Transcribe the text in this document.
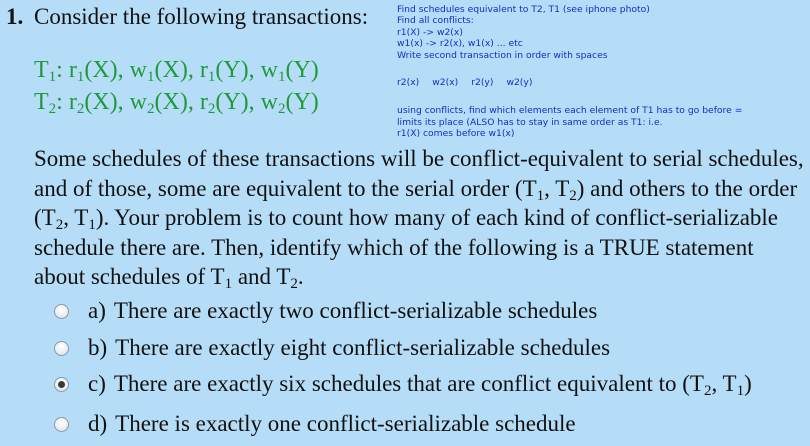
1. Consider the following transactions:
$T_1$: $r_1(X)$, $w_1(X)$, $r_1(Y)$, $w_1(Y)$
$T_2$: $r_2(X)$, $w_2(X)$, $r_2(Y)$, $w_2(Y)$
Find schedules equivalent to T2, T1 (see iphone photo)
Find all conflicts:
r1(X) -> w2(x)
w1(x) -> r2(x), w1(x) ... etc
Write second transaction in order with spaces
r2(x) w2(x) r2(y) w2(y)
using conflicts, find which elements each element of T1 has to go before =
limits its place (ALSO has to stay in same order as T1: i.e.
r1(X) comes before w1(x)
Some schedules of these transactions will be conflict-equivalent to serial schedules, and of those, some are equivalent to the serial order ($T_1$, $T_2$) and others to the order ($T_2$, $T_1$). Your problem is to count how many of each kind of conflict-serializable schedule there are. Then, identify which of the following is a TRUE statement about schedules of $T_1$ and $T_2$.
a) There are exactly two conflict-serializable schedules
b) There are exactly eight conflict-serializable schedules
c) There are exactly six schedules that are conflict equivalent to ($T_2$, $T_1$)
d) There is exactly one conflict-serializable schedule
